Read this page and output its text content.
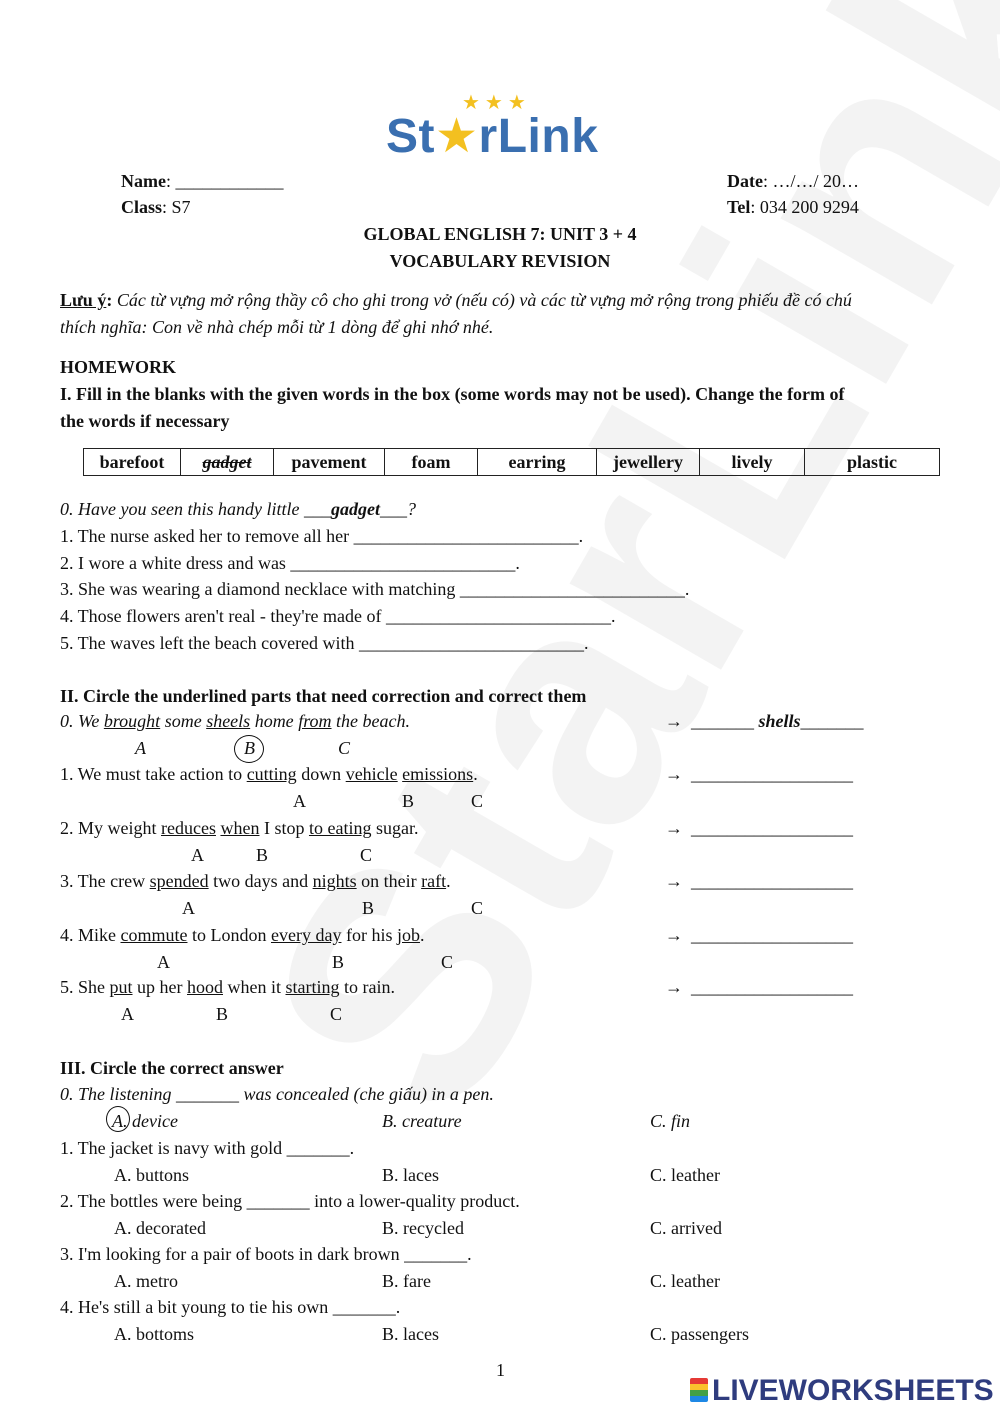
★ ★ ★
St★rLink
Name: ____________
Class: S7
Date: …/…/ 20…
Tel: 034 200 9294
GLOBAL ENGLISH 7: UNIT 3 + 4
VOCABULARY REVISION
Lưu ý: Các từ vựng mở rộng thầy cô cho ghi trong vở (nếu có) và các từ vựng mở rộng trong phiếu đề có chú
thích nghĩa: Con về nhà chép mỗi từ 1 dòng để ghi nhớ nhé.
HOMEWORK
I. Fill in the blanks with the given words in the box (some words may not be used). Change the form of
the words if necessary
barefoot	gadget	pavement	foam	earring	jewellery	lively	plastic
0. Have you seen this handy little ___gadget___?
1. The nurse asked her to remove all her _________________________.
2. I wore a white dress and was _________________________.
3. She was wearing a diamond necklace with matching _________________________.
4. Those flowers aren't real - they're made of _________________________.
5. The waves left the beach covered with _________________________.
II. Circle the underlined parts that need correction and correct them
0. We brought some sheels home from the beach.	→ _______ shells_______
A	B	C
1. We must take action to cutting down vehicle emissions.	→ __________________
A	B	C
2. My weight reduces when I stop to eating sugar.	→ __________________
A	B	C
3. The crew spended two days and nights on their raft.	→ __________________
A	B	C
4. Mike commute to London every day for his job.	→ __________________
A	B	C
5. She put up her hood when it starting to rain.	→ __________________
A	B	C
III. Circle the correct answer
0. The listening _______ was concealed (che giấu) in a pen.
A. device	B. creature	C. fin
1. The jacket is navy with gold _______.
A. buttons	B. laces	C. leather
2. The bottles were being _______ into a lower-quality product.
A. decorated	B. recycled	C. arrived
3. I'm looking for a pair of boots in dark brown _______.
A. metro	B. fare	C. leather
4. He's still a bit young to tie his own _______.
A. bottoms	B. laces	C. passengers
1
LIVEWORKSHEETS
